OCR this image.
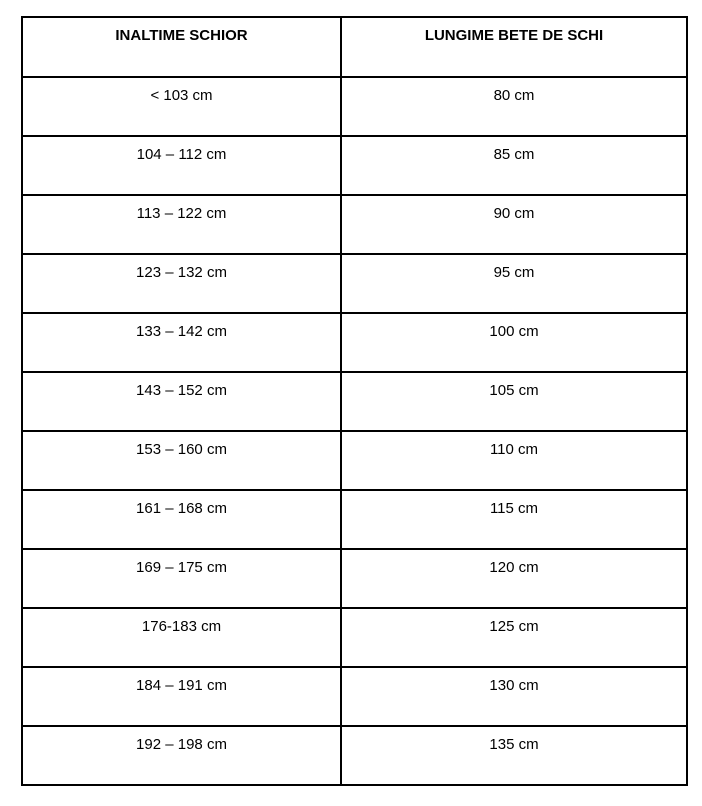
INALTIME SCHIOR	LUNGIME BETE DE SCHI
< 103 cm	80 cm
104 – 112 cm	85 cm
113 – 122 cm	90 cm
123 – 132 cm	95 cm
133 – 142 cm	100 cm
143 – 152 cm	105 cm
153 – 160 cm	110 cm
161 – 168 cm	115 cm
169 – 175 cm	120 cm
176-183 cm	125 cm
184 – 191 cm	130 cm
192 – 198 cm	135 cm
